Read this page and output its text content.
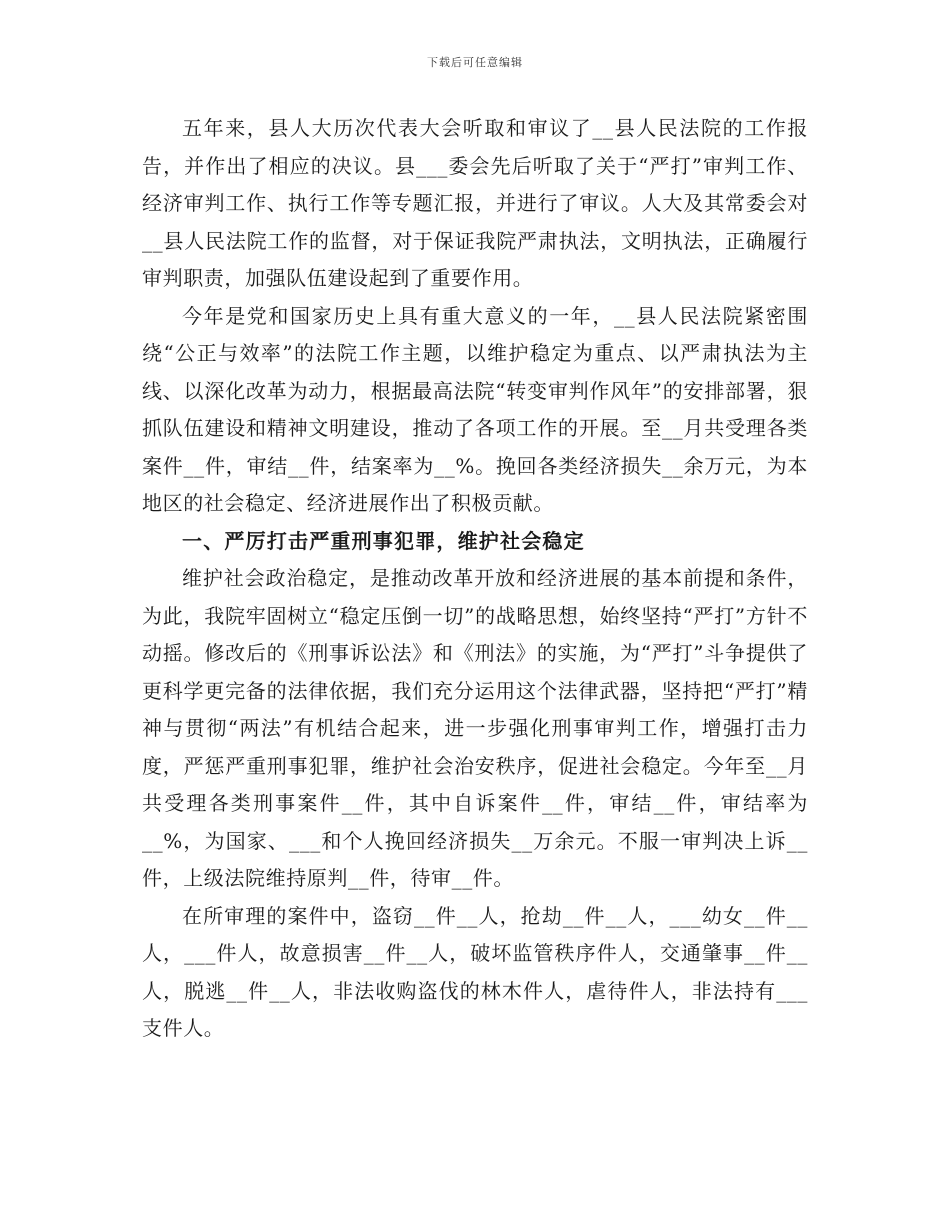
下载后可任意编辑

五年来，县人大历次代表大会听取和审议了__县人民法院的工作报告，并作出了相应的决议。县___委会先后听取了关于“严打”审判工作、经济审判工作、执行工作等专题汇报，并进行了审议。人大及其常委会对__县人民法院工作的监督，对于保证我院严肃执法，文明执法，正确履行审判职责，加强队伍建设起到了重要作用。

今年是党和国家历史上具有重大意义的一年，__县人民法院紧密围绕“公正与效率”的法院工作主题，以维护稳定为重点、以严肃执法为主线、以深化改革为动力，根据最高法院“转变审判作风年”的安排部署，狠抓队伍建设和精神文明建设，推动了各项工作的开展。至__月共受理各类案件__件，审结__件，结案率为__%。挽回各类经济损失__余万元，为本地区的社会稳定、经济进展作出了积极贡献。

一、严厉打击严重刑事犯罪，维护社会稳定

维护社会政治稳定，是推动改革开放和经济进展的基本前提和条件，为此，我院牢固树立“稳定压倒一切”的战略思想，始终坚持“严打”方针不动摇。修改后的《刑事诉讼法》和《刑法》的实施，为“严打”斗争提供了更科学更完备的法律依据，我们充分运用这个法律武器，坚持把“严打”精神与贯彻“两法”有机结合起来，进一步强化刑事审判工作，增强打击力度，严惩严重刑事犯罪，维护社会治安秩序，促进社会稳定。今年至__月共受理各类刑事案件__件，其中自诉案件__件，审结__件，审结率为__%，为国家、___和个人挽回经济损失__万余元。不服一审判决上诉__件，上级法院维持原判__件，待审__件。

在所审理的案件中，盗窃__件__人，抢劫__件__人，___幼女__件__人，___件人，故意损害__件__人，破坏监管秩序件人，交通肇事__件__人，脱逃__件__人，非法收购盗伐的林木件人，虐待件人，非法持有___支件人。
